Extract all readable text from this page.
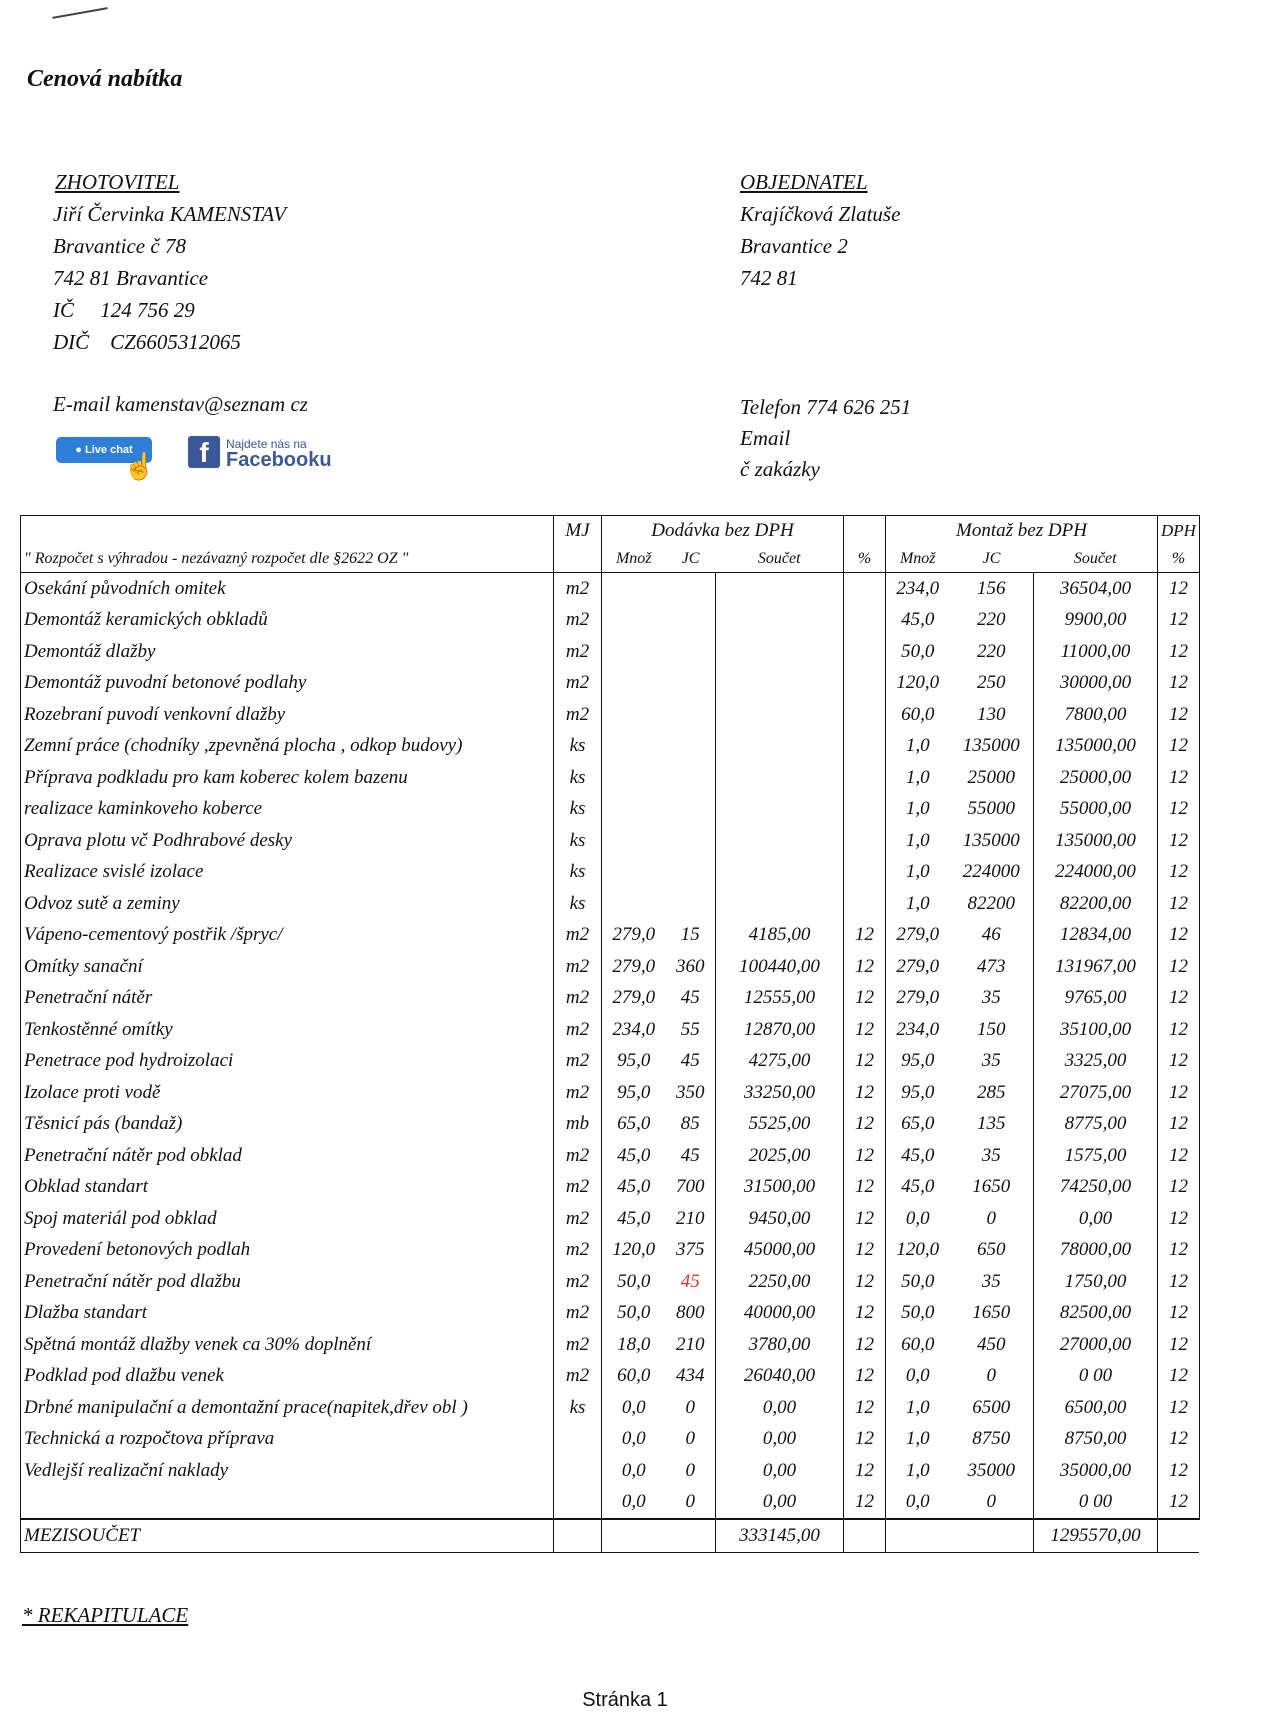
Cenová nabítka
ZHOTOVITEL
Jiří Červinka KAMENSTAV
Bravantice č 78
742 81 Bravantice
IČ     124 756 29
DIČ    CZ6605312065
OBJEDNATEL
Krajíčková Zlatuše
Bravantice 2
742 81
E-mail kamenstav@seznam cz	Telefon 774 626 251
Email
č zakázky
● Live chat
☝	f	Najdete nás na
Facebooku
	MJ	Dodávka bez DPH				Montaž bez DPH			DPH
" Rozpočet s výhradou - nezávazný rozpočet dle §2622 OZ "		Množ	JC	Součet	%	Množ	JC	Součet	%
Osekání původních omitek	m2					234,0	156	36504,00	12
Demontáž keramických obkladů	m2					45,0	220	9900,00	12
Demontáž dlažby	m2					50,0	220	11000,00	12
Demontáž puvodní betonové podlahy	m2					120,0	250	30000,00	12
Rozebraní puvodí venkovní dlažby	m2					60,0	130	7800,00	12
Zemní práce (chodníky ,zpevněná plocha , odkop budovy)	ks					1,0	135000	135000,00	12
Příprava podkladu pro kam koberec kolem bazenu	ks					1,0	25000	25000,00	12
realizace kaminkoveho koberce	ks					1,0	55000	55000,00	12
Oprava plotu vč Podhrabové desky	ks					1,0	135000	135000,00	12
Realizace svislé izolace	ks					1,0	224000	224000,00	12
Odvoz sutě a zeminy	ks					1,0	82200	82200,00	12
Vápeno-cementový postřik /špryc/	m2	279,0	15	4185,00	12	279,0	46	12834,00	12
Omítky sanační	m2	279,0	360	100440,00	12	279,0	473	131967,00	12
Penetrační nátěr	m2	279,0	45	12555,00	12	279,0	35	9765,00	12
Tenkostěnné omítky	m2	234,0	55	12870,00	12	234,0	150	35100,00	12
Penetrace pod hydroizolaci	m2	95,0	45	4275,00	12	95,0	35	3325,00	12
Izolace proti vodě	m2	95,0	350	33250,00	12	95,0	285	27075,00	12
Těsnicí pás (bandaž)	mb	65,0	85	5525,00	12	65,0	135	8775,00	12
Penetrační nátěr pod obklad	m2	45,0	45	2025,00	12	45,0	35	1575,00	12
Obklad standart	m2	45,0	700	31500,00	12	45,0	1650	74250,00	12
Spoj materiál pod obklad	m2	45,0	210	9450,00	12	0,0	0	0,00	12
Provedení betonových podlah	m2	120,0	375	45000,00	12	120,0	650	78000,00	12
Penetrační nátěr pod dlažbu	m2	50,0	45	2250,00	12	50,0	35	1750,00	12
Dlažba standart	m2	50,0	800	40000,00	12	50,0	1650	82500,00	12
Spětná montáž dlažby venek ca 30% doplnění	m2	18,0	210	3780,00	12	60,0	450	27000,00	12
Podklad pod dlažbu venek	m2	60,0	434	26040,00	12	0,0	0	0 00	12
Drbné manipulační a demontažní prace(napitek,dřev obl )	ks	0,0	0	0,00	12	1,0	6500	6500,00	12
Technická a rozpočtova příprava		0,0	0	0,00	12	1,0	8750	8750,00	12
Vedlejší realizační naklady		0,0	0	0,00	12	1,0	35000	35000,00	12
		0,0	0	0,00	12	0,0	0	0 00	12
MEZISOUČET				333145,00				1295570,00	
* REKAPITULACE
Stránka 1
